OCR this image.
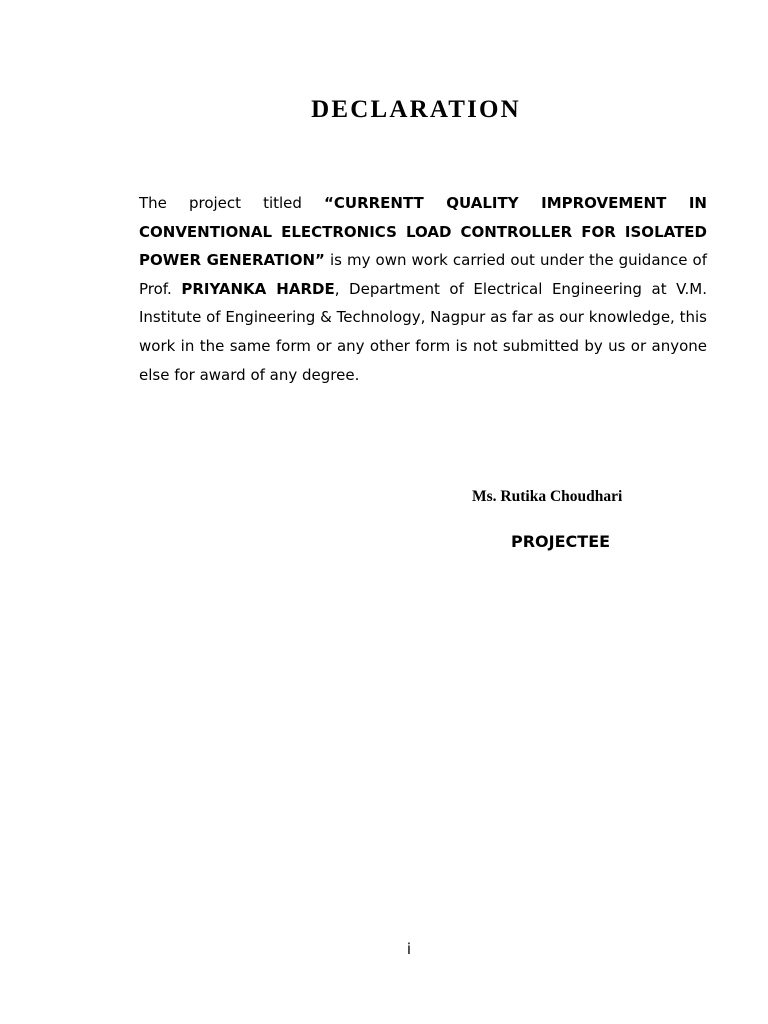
DECLARATION

The project titled “CURRENTT QUALITY IMPROVEMENT IN CONVENTIONAL ELECTRONICS LOAD CONTROLLER FOR ISOLATED POWER GENERATION” is my own work carried out under the guidance of Prof. PRIYANKA HARDE, Department of Electrical Engineering at V.M. Institute of Engineering & Technology, Nagpur as far as our knowledge, this work in the same form or any other form is not submitted by us or anyone else for award of any degree.

Ms. Rutika Choudhari

PROJECTEE

i
